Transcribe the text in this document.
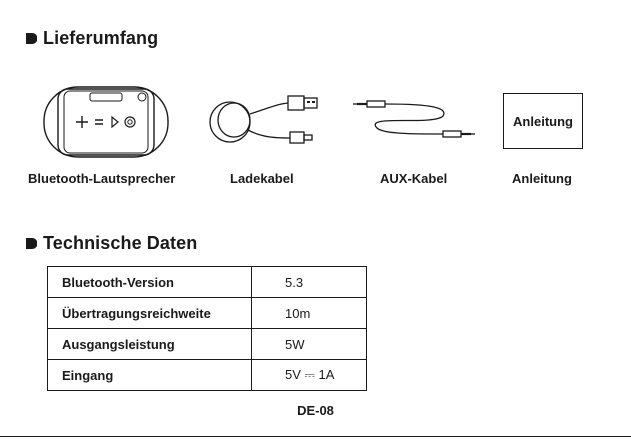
Lieferumfang
Anleitung
Bluetooth-Lautsprecher	Ladekabel	AUX-Kabel	Anleitung
Technische Daten
Bluetooth-Version	5.3
Übertragungsreichweite	10m
Ausgangsleistung	5W
Eingang	5V ⎓ 1A
DE-08
